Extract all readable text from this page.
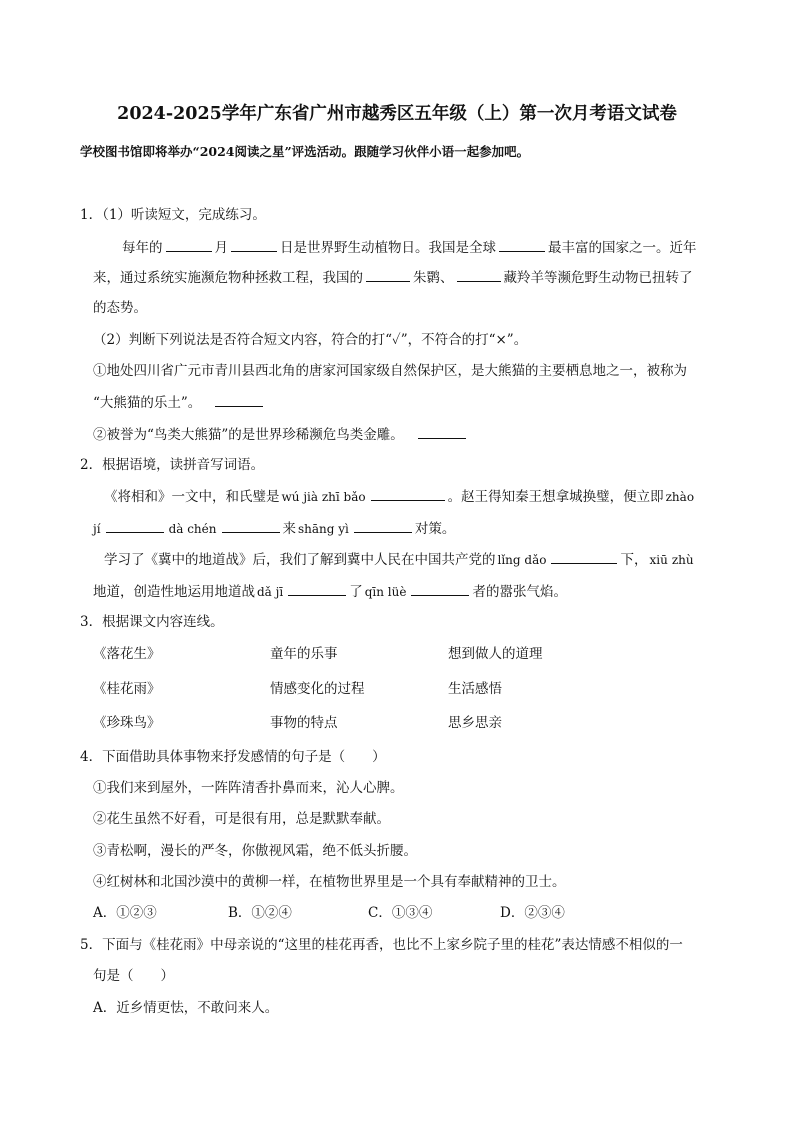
2024-2025学年广东省广州市越秀区五年级（上）第一次月考语文试卷
学校图书馆即将举办“2024阅读之星”评选活动。跟随学习伙伴小语一起参加吧。
1．（1）听读短文，完成练习。
每年的	月	日是世界野生动植物日。我国是全球	最丰富的国家之一。近年
来，通过系统实施濒危物种拯救工程，我国的	朱鹮、	藏羚羊等濒危野生动物已扭转了
的态势。
（2）判断下列说法是否符合短文内容，符合的打“✓”，不符合的打“×”。
①地处四川省广元市青川县西北角的唐家河国家级自然保护区，是大熊猫的主要栖息地之一，被称为
“大熊猫的乐土”。
②被誉为“鸟类大熊猫”的是世界珍稀濒危鸟类金雕。
2．根据语境，读拼音写词语。
《将相和》一文中，和氏璧是 wú jià zhī bǎo	。赵王得知秦王想拿城换璧，便立即 zhào
jí	dà chén	来 shāng yì	对策。
学习了《冀中的地道战》后，我们了解到冀中人民在中国共产党的 lǐng dǎo	下， xiū zhù
地道，创造性地运用地道战 dǎ jī	了 qīn lüè	者的嚣张气焰。
3．根据课文内容连线。
《落花生》	童年的乐事	想到做人的道理
《桂花雨》	情感变化的过程	生活感悟
《珍珠鸟》	事物的特点	思乡思亲
4．下面借助具体事物来抒发感情的句子是（　　）
①我们来到屋外，一阵阵清香扑鼻而来，沁人心脾。
②花生虽然不好看，可是很有用，总是默默奉献。
③青松啊，漫长的严冬，你傲视风霜，绝不低头折腰。
④红树林和北国沙漠中的黄柳一样，在植物世界里是一个具有奉献精神的卫士。
A．①②③	B．①②④	C．①③④	D．②③④
5．下面与《桂花雨》中母亲说的“这里的桂花再香，也比不上家乡院子里的桂花”表达情感不相似的一
句是（　　）
A．近乡情更怯，不敢问来人。
